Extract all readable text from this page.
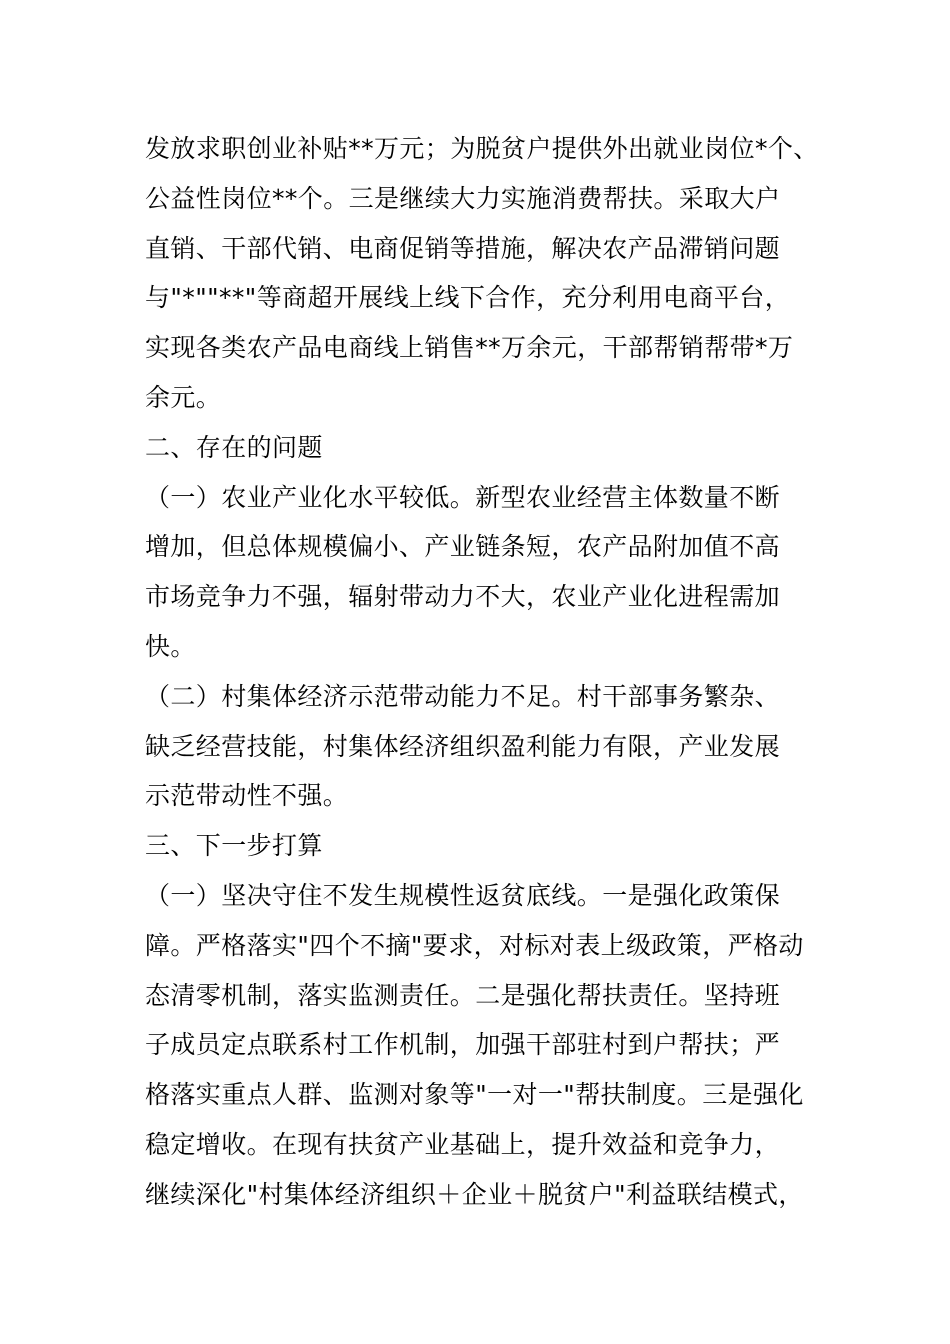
发放求职创业补贴**万元；为脱贫户提供外出就业岗位*个、
公益性岗位**个。三是继续大力实施消费帮扶。采取大户
直销、干部代销、电商促销等措施，解决农产品滞销问题
与"*""**"等商超开展线上线下合作，充分利用电商平台，
实现各类农产品电商线上销售**万余元，干部帮销帮带*万
余元。
二、存在的问题
（一）农业产业化水平较低。新型农业经营主体数量不断
增加，但总体规模偏小、产业链条短，农产品附加值不高
市场竞争力不强，辐射带动力不大，农业产业化进程需加
快。
（二）村集体经济示范带动能力不足。村干部事务繁杂、
缺乏经营技能，村集体经济组织盈利能力有限，产业发展
示范带动性不强。
三、下一步打算
（一）坚决守住不发生规模性返贫底线。一是强化政策保
障。严格落实"四个不摘"要求，对标对表上级政策，严格动
态清零机制，落实监测责任。二是强化帮扶责任。坚持班
子成员定点联系村工作机制，加强干部驻村到户帮扶；严
格落实重点人群、监测对象等"一对一"帮扶制度。三是强化
稳定增收。在现有扶贫产业基础上，提升效益和竞争力，
继续深化"村集体经济组织＋企业＋脱贫户"利益联结模式，
